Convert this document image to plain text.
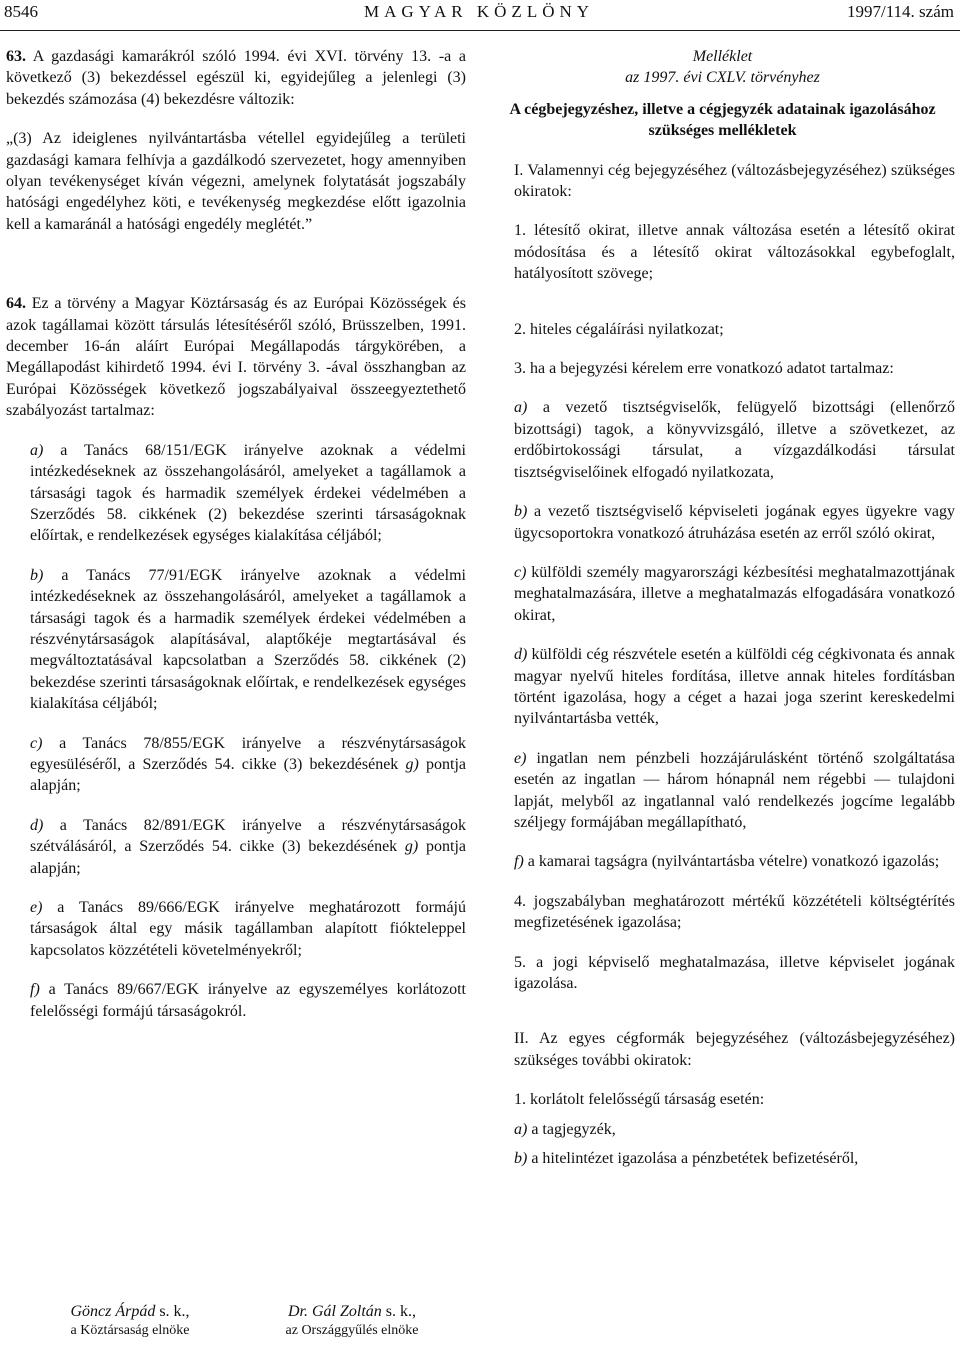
8546	MAGYAR KÖZLÖNY	1997/114. szám

63. A gazdasági kamarákról szóló 1994. évi XVI. törvény 13. -a a következő (3) bekezdéssel egészül ki, egyidejűleg a jelenlegi (3) bekezdés számozása (4) bekezdésre változik:

„(3) Az ideiglenes nyilvántartásba vétellel egyidejűleg a területi gazdasági kamara felhívja a gazdálkodó szervezetet, hogy amennyiben olyan tevékenységet kíván végezni, amelynek folytatását jogszabály hatósági engedélyhez köti, e tevékenység megkezdése előtt igazolnia kell a kamaránál a hatósági engedély meglétét.”

64. Ez a törvény a Magyar Köztársaság és az Európai Közösségek és azok tagállamai között társulás létesítéséről szóló, Brüsszelben, 1991. december 16-án aláírt Európai Megállapodás tárgykörében, a Megállapodást kihirdető 1994. évi I. törvény 3. -ával összhangban az Európai Közösségek következő jogszabályaival összeegyeztethető szabályozást tartalmaz:

a) a Tanács 68/151/EGK irányelve azoknak a védelmi intézkedéseknek az összehangolásáról, amelyeket a tagállamok a társasági tagok és harmadik személyek érdekei védelmében a Szerződés 58. cikkének (2) bekezdése szerinti társaságoknak előírtak, e rendelkezések egységes kialakítása céljából;

b) a Tanács 77/91/EGK irányelve azoknak a védelmi intézkedéseknek az összehangolásáról, amelyeket a tagállamok a társasági tagok és a harmadik személyek érdekei védelmében a részvénytársaságok alapításával, alaptőkéje megtartásával és megváltoztatásával kapcsolatban a Szerződés 58. cikkének (2) bekezdése szerinti társaságoknak előírtak, e rendelkezések egységes kialakítása céljából;

c) a Tanács 78/855/EGK irányelve a részvénytársaságok egyesüléséről, a Szerződés 54. cikke (3) bekezdésének g) pontja alapján;

d) a Tanács 82/891/EGK irányelve a részvénytársaságok szétválásáról, a Szerződés 54. cikke (3) bekezdésének g) pontja alapján;

e) a Tanács 89/666/EGK irányelve meghatározott formájú társaságok által egy másik tagállamban alapított fióktelеppel kapcsolatos közzétételi követelményekről;

f) a Tanács 89/667/EGK irányelve az egyszemélyes korlátozott felelősségi formájú társaságokról.

Göncz Árpád s. k.,
a Köztársaság elnöke
Dr. Gál Zoltán s. k.,
az Országgyűlés elnöke

Melléklet

az 1997. évi CXLV. törvényhez

A cégbejegyzéshez, illetve a cégjegyzék adatainak igazolásához szükséges mellékletek

I. Valamennyi cég bejegyzéséhez (változásbejegyzéséhez) szükséges okiratok:

1. létesítő okirat, illetve annak változása esetén a létesítő okirat módosítása és a létesítő okirat változásokkal egybefoglalt, hatályosított szövege;

2. hiteles cégaláírási nyilatkozat;

3. ha a bejegyzési kérelem erre vonatkozó adatot tartalmaz:

a) a vezető tisztségviselők, felügyelő bizottsági (ellenőrző bizottsági) tagok, a könyvvizsgáló, illetve a szövetkezet, az erdőbirtokossági társulat, a vízgazdálkodási társulat tisztségviselőinek elfogadó nyilatkozata,

b) a vezető tisztségviselő képviseleti jogának egyes ügyekre vagy ügycsoportokra vonatkozó átruházása esetén az erről szóló okirat,

c) külföldi személy magyarországi kézbesítési meghatalmazottjának meghatalmazására, illetve a meghatalmazás elfogadására vonatkozó okirat,

d) külföldi cég részvétele esetén a külföldi cég cégkivonata és annak magyar nyelvű hiteles fordítása, illetve annak hiteles fordításban történt igazolása, hogy a céget a hazai joga szerint kereskedelmi nyilvántartásba vették,

e) ingatlan nem pénzbeli hozzájárulásként történő szolgáltatása esetén az ingatlan — három hónapnál nem régebbi — tulajdoni lapját, melyből az ingatlannal való rendelkezés jogcíme legalább széljegy formájában megállapítható,

f) a kamarai tagságra (nyilvántartásba vételre) vonatkozó igazolás;

4. jogszabályban meghatározott mértékű közzétételi költségtérítés megfizetésének igazolása;

5. a jogi képviselő meghatalmazása, illetve képviselet jogának igazolása.

II. Az egyes cégformák bejegyzéséhez (változásbejegyzéséhez) szükséges további okiratok:

1. korlátolt felelősségű társaság esetén:

a) a tagjegyzék,

b) a hitelintézet igazolása a pénzbetétek befizetéséről,
